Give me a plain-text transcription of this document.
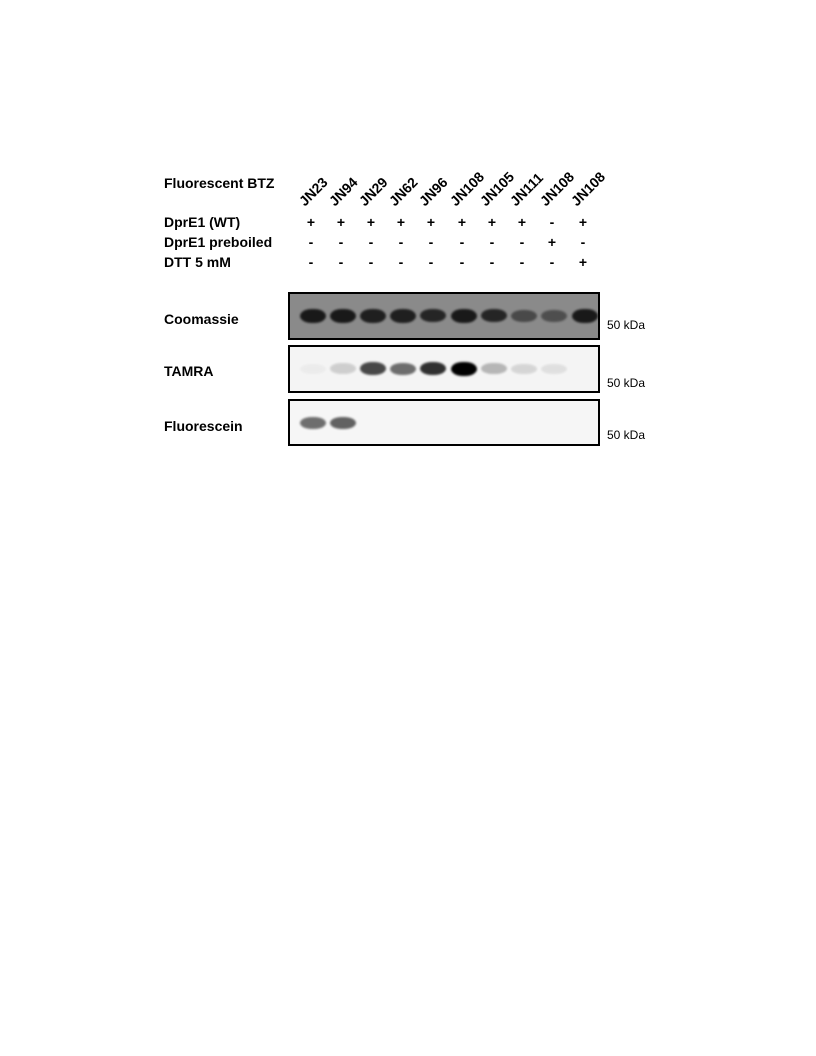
Fluorescent BTZ JN23
JN94
JN29
JN62
JN96
JN108
JN105
JN111
JN108
JN108
DprE1 (WT)	+ + + + + + + + - +
DprE1 preboiled	- - - - - - - - + -
DTT 5 mM	- - - - - - - - - +
Coomassie	50 kDa
TAMRA
50 kDa
Fluorescein
50 kDa
